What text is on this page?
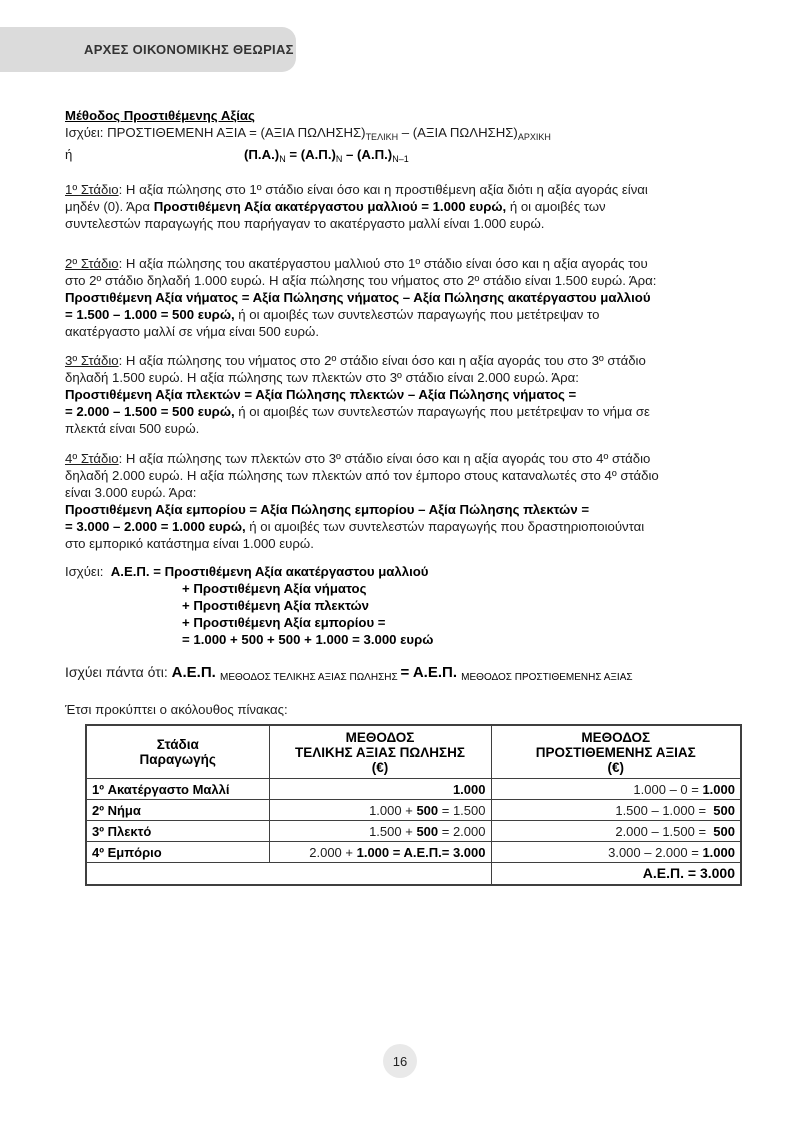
ΑΡΧΕΣ ΟΙΚΟΝΟΜΙΚΗΣ ΘΕΩΡΙΑΣ
Μέθοδος Προστιθέμενης Αξίας
Ισχύει: ΠΡΟΣΤΙΘΕΜΕΝΗ ΑΞΙΑ = (ΑΞΙΑ $\Pi\Omega\Lambda H\Sigma H\Sigma)_{TE\Lambda IKH} - (A\Xi IA$ $\Pi\Omega\Lambda H\Sigma H\Sigma)_{APXIKH}$
ή	$(\Pi.A.)_N = (A.\Pi.)_N - (A.\Pi.)_{N-1}$
1º Στάδιο: Η αξία πώλησης στο 1º στάδιο είναι όσο και η προστιθέμενη αξία διότι η αξία αγοράς είναι
μηδέν (0). Άρα Προστιθέμενη Αξία ακατέργαστου μαλλιού = 1.000 ευρώ, ή οι αμοιβές των
συντελεστών παραγωγής που παρήγαγαν το ακατέργαστο μαλλί είναι 1.000 ευρώ.
2º Στάδιο: Η αξία πώλησης του ακατέργαστου μαλλιού στο 1º στάδιο είναι όσο και η αξία αγοράς του
στο 2º στάδιο δηλαδή 1.000 ευρώ. Η αξία πώλησης του νήματος στο 2º στάδιο είναι 1.500 ευρώ. Άρα:
Προστιθέμενη Αξία νήματος = Αξία Πώλησης νήματος – Αξία Πώλησης ακατέργαστου μαλλιού
= 1.500 – 1.000 = 500 ευρώ, ή οι αμοιβές των συντελεστών παραγωγής που μετέτρεψαν το
ακατέργαστο μαλλί σε νήμα είναι 500 ευρώ.
3º Στάδιο: Η αξία πώλησης του νήματος στο 2º στάδιο είναι όσο και η αξία αγοράς του στο 3º στάδιο
δηλαδή 1.500 ευρώ. Η αξία πώλησης των πλεκτών στο 3º στάδιο είναι 2.000 ευρώ. Άρα:
Προστιθέμενη Αξία πλεκτών = Αξία Πώλησης πλεκτών – Αξία Πώλησης νήματος =
= 2.000 – 1.500 = 500 ευρώ, ή οι αμοιβές των συντελεστών παραγωγής που μετέτρεψαν το νήμα σε
πλεκτά είναι 500 ευρώ.
4º Στάδιο: Η αξία πώλησης των πλεκτών στο 3º στάδιο είναι όσο και η αξία αγοράς του στο 4º στάδιο
δηλαδή 2.000 ευρώ. Η αξία πώλησης των πλεκτών από τον έμπορο στους καταναλωτές στο 4º στάδιο
είναι 3.000 ευρώ. Άρα:
Προστιθέμενη Αξία εμπορίου = Αξία Πώλησης εμπορίου – Αξία Πώλησης πλεκτών =
= 3.000 – 2.000 = 1.000 ευρώ, ή οι αμοιβές των συντελεστών παραγωγής που δραστηριοποιούνται
στο εμπορικό κατάστημα είναι 1.000 ευρώ.
Ισχύει:  Α.Ε.Π. = Προστιθέμενη Αξία ακατέργαστου μαλλιού
+ Προστιθέμενη Αξία νήματος
+ Προστιθέμενη Αξία πλεκτών
+ Προστιθέμενη Αξία εμπορίου =
= 1.000 + 500 + 500 + 1.000 = 3.000 ευρώ
Ισχύει πάντα ότι: Α.Ε.Π. $_{ME\Theta O\Delta O\Sigma TE\Lambda IKH\Sigma A\Xi IA\Sigma \Pi\Omega\Lambda H\Sigma H\Sigma}$ = Α.Ε.Π. $_{ME\Theta O\Delta O\Sigma \Pi PO\Sigma TI\Theta EMENH\Sigma A\Xi IA\Sigma}$
Έτσι προκύπτει ο ακόλουθος πίνακας:
Στάδια
Παραγωγής

ΜΕΘΟΔΟΣ
ΤΕΛΙΚΗΣ ΑΞΙΑΣ ΠΩΛΗΣΗΣ
(€)

ΜΕΘΟΔΟΣ
ΠΡΟΣΤΙΘΕΜΕΝΗΣ ΑΞΙΑΣ
(€)

1º Ακατέργαστο Μαλλί	1.000	1.000 – 0 = 1.000
2º Νήμα	1.000 + 500 = 1.500	1.500 – 1.000 =  500
3º Πλεκτό	1.500 + 500 = 2.000	2.000 – 1.500 =  500
4º Εμπόριο	2.000 + 1.000 = Α.Ε.Π.= 3.000	3.000 – 2.000 = 1.000
		Α.Ε.Π. = 3.000
16
